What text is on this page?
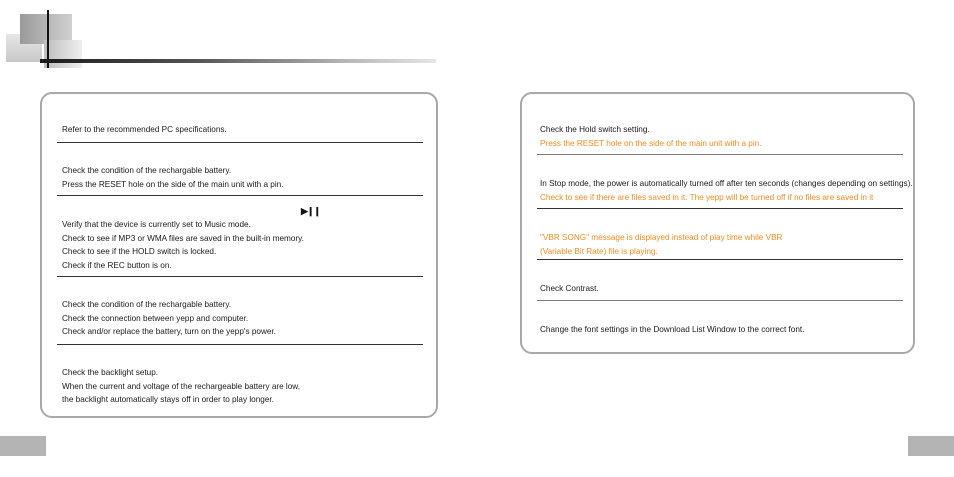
Refer to the recommended PC specifications.

Check the condition of the rechargable battery.

Press the RESET hole on the side of the main unit with a pin.

▶❙❙

Verify that the device is currently set to Music mode.

Check to see if MP3 or WMA files are saved in the built-in memory.

Check to see if the HOLD switch is locked.

Check if the REC button is on.

Check the condition of the rechargable battery.

Check the connection between yepp and computer.

Check and/or replace the battery, turn on the yepp's power.

Check the backlight setup.

When the current and voltage of the rechargeable battery are low,

the backlight automatically stays off in order to play longer.

Check the Hold switch setting.

Press the RESET hole on the side of the main unit with a pin.

In Stop mode, the power is automatically turned off after ten seconds (changes depending on settings).

Check to see if there are files saved in it. The yepp will be turned off if no files are saved in it

"VBR SONG" message is displayed instead of play time while VBR

(Variable Bit Rate) file is playing.

Check Contrast.

Change the font settings in the Download List Window to the correct font.
